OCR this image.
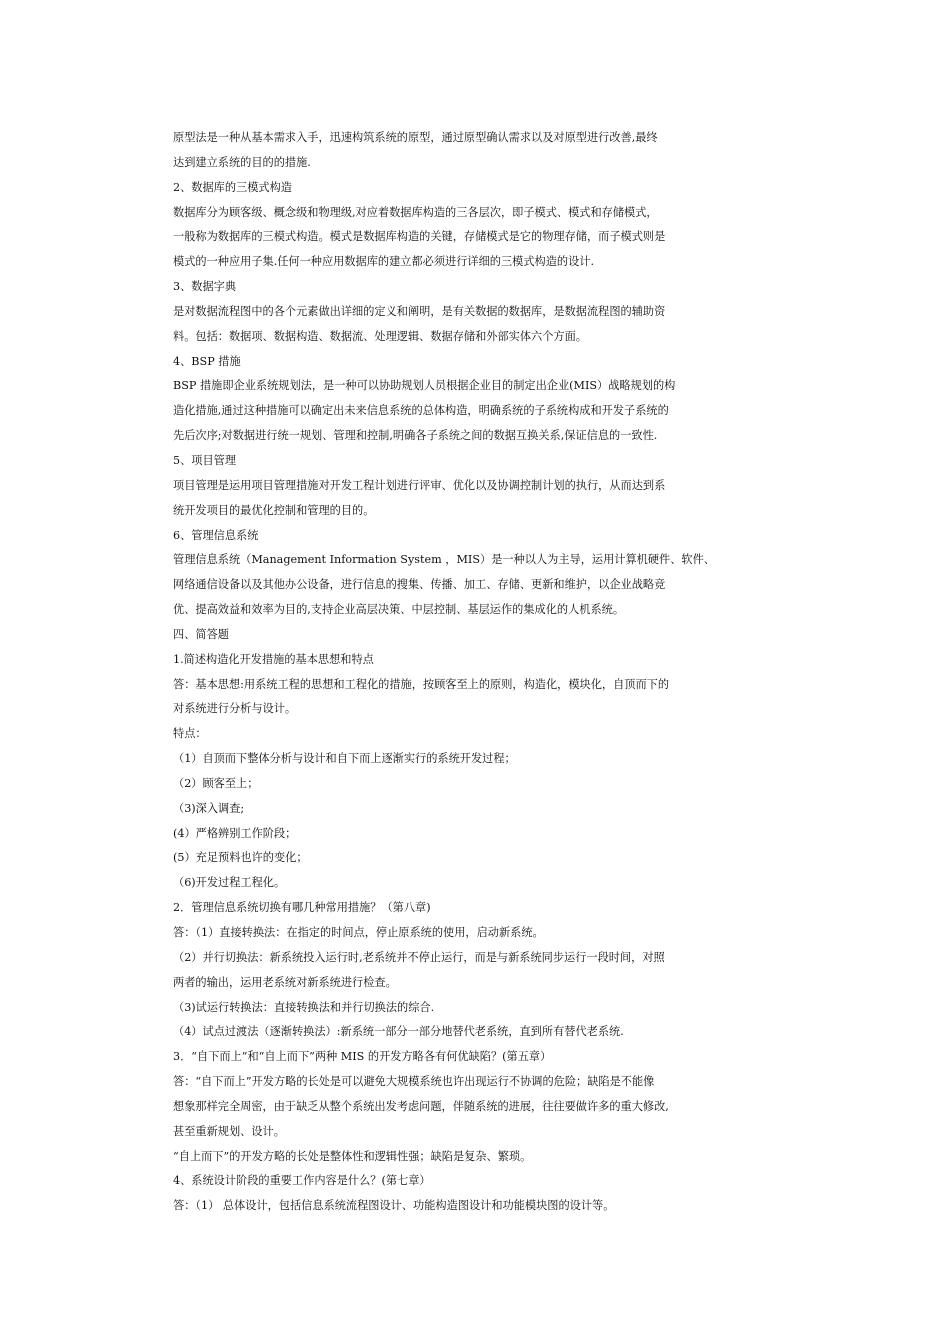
原型法是一种从基本需求入手，迅速构筑系统的原型，通过原型确认需求以及对原型进行改善,最终
达到建立系统的目的的措施.
2、数据库的三模式构造
数据库分为顾客级、概念级和物理级,对应着数据库构造的三各层次，即子模式、模式和存储模式，
一般称为数据库的三模式构造。模式是数据库构造的关键，存储模式是它的物理存储，而子模式则是
模式的一种应用子集.任何一种应用数据库的建立都必须进行详细的三模式构造的设计.
3、数据字典
是对数据流程图中的各个元素做出详细的定义和阐明，是有关数据的数据库，是数据流程图的辅助资
料。包括：数据项、数据构造、数据流、处理逻辑、数据存储和外部实体六个方面。
4、BSP 措施
BSP 措施即企业系统规划法，是一种可以协助规划人员根据企业目的制定出企业(MIS）战略规划的构
造化措施,通过这种措施可以确定出未来信息系统的总体构造，明确系统的子系统构成和开发子系统的
先后次序;对数据进行统一规划、管理和控制,明确各子系统之间的数据互换关系,保证信息的一致性.
5、项目管理
项目管理是运用项目管理措施对开发工程计划进行评审、优化以及协调控制计划的执行，从而达到系
统开发项目的最优化控制和管理的目的。
6、管理信息系统
管理信息系统（Management Information System ，MIS）是一种以人为主导，运用计算机硬件、软件、
网络通信设备以及其他办公设备，进行信息的搜集、传播、加工、存储、更新和维护，以企业战略竞
优、提高效益和效率为目的,支持企业高层决策、中层控制、基层运作的集成化的人机系统。
四、简答题
1.简述构造化开发措施的基本思想和特点
答：基本思想:用系统工程的思想和工程化的措施，按顾客至上的原则，构造化，模块化，自顶而下的
对系统进行分析与设计。
特点：
（1）自顶而下整体分析与设计和自下而上逐渐实行的系统开发过程；
（2）顾客至上；
（3)深入调查;
(4）严格辨别工作阶段；
(5）充足预料也许的变化；
（6)开发过程工程化。
2．管理信息系统切换有哪几种常用措施？（第八章)
答：（1）直接转换法：在指定的时间点，停止原系统的使用，启动新系统。
（2）并行切换法：新系统投入运行时,老系统并不停止运行，而是与新系统同步运行一段时间，对照
两者的输出，运用老系统对新系统进行检查。
（3)试运行转换法：直接转换法和并行切换法的综合.
（4）试点过渡法（逐渐转换法）:新系统一部分一部分地替代老系统，直到所有替代老系统.
3．“自下而上”和“自上而下”两种 MIS 的开发方略各有何优缺陷？(第五章）
答：“自下而上”开发方略的长处是可以避免大规模系统也许出现运行不协调的危险；缺陷是不能像
想象那样完全周密，由于缺乏从整个系统出发考虑问题，伴随系统的进展，往往要做许多的重大修改,
甚至重新规划、设计。
“自上而下”的开发方略的长处是整体性和逻辑性强；缺陷是复杂、繁琐。
4、系统设计阶段的重要工作内容是什么？(第七章）
答：（1） 总体设计，包括信息系统流程图设计、功能构造图设计和功能模块图的设计等。
